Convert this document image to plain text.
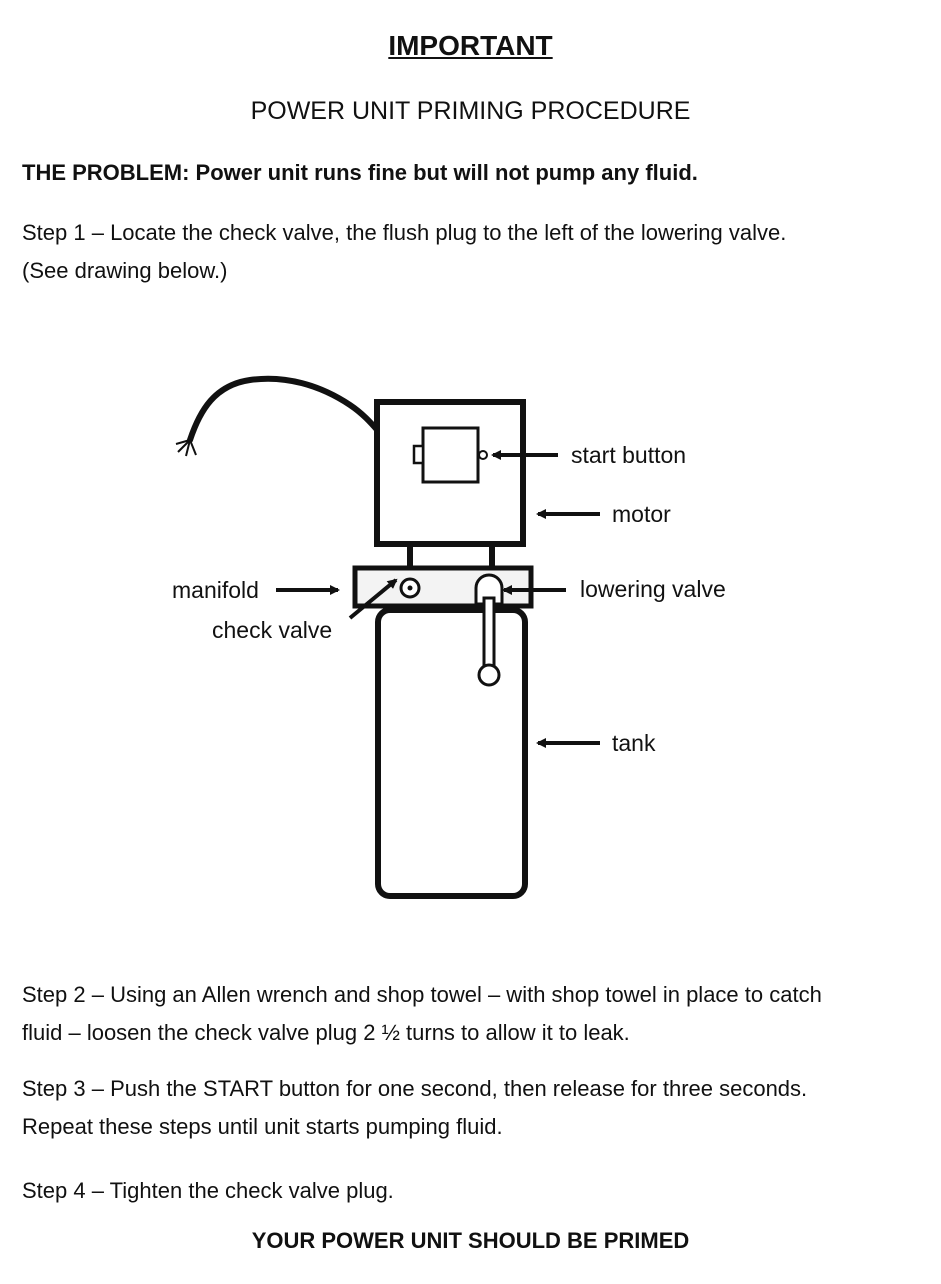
IMPORTANT
POWER UNIT PRIMING PROCEDURE

THE PROBLEM: Power unit runs fine but will not pump any fluid.

Step 1 – Locate the check valve, the flush plug to the left of the lowering valve.
(See drawing below.)

start button
motor
manifold	lowering valve
check valve
tank

Step 2 – Using an Allen wrench and shop towel – with shop towel in place to catch
fluid – loosen the check valve plug 2 ½ turns to allow it to leak.

Step 3 – Push the START button for one second, then release for three seconds.
Repeat these steps until unit starts pumping fluid.

Step 4 – Tighten the check valve plug.

YOUR POWER UNIT SHOULD BE PRIMED
